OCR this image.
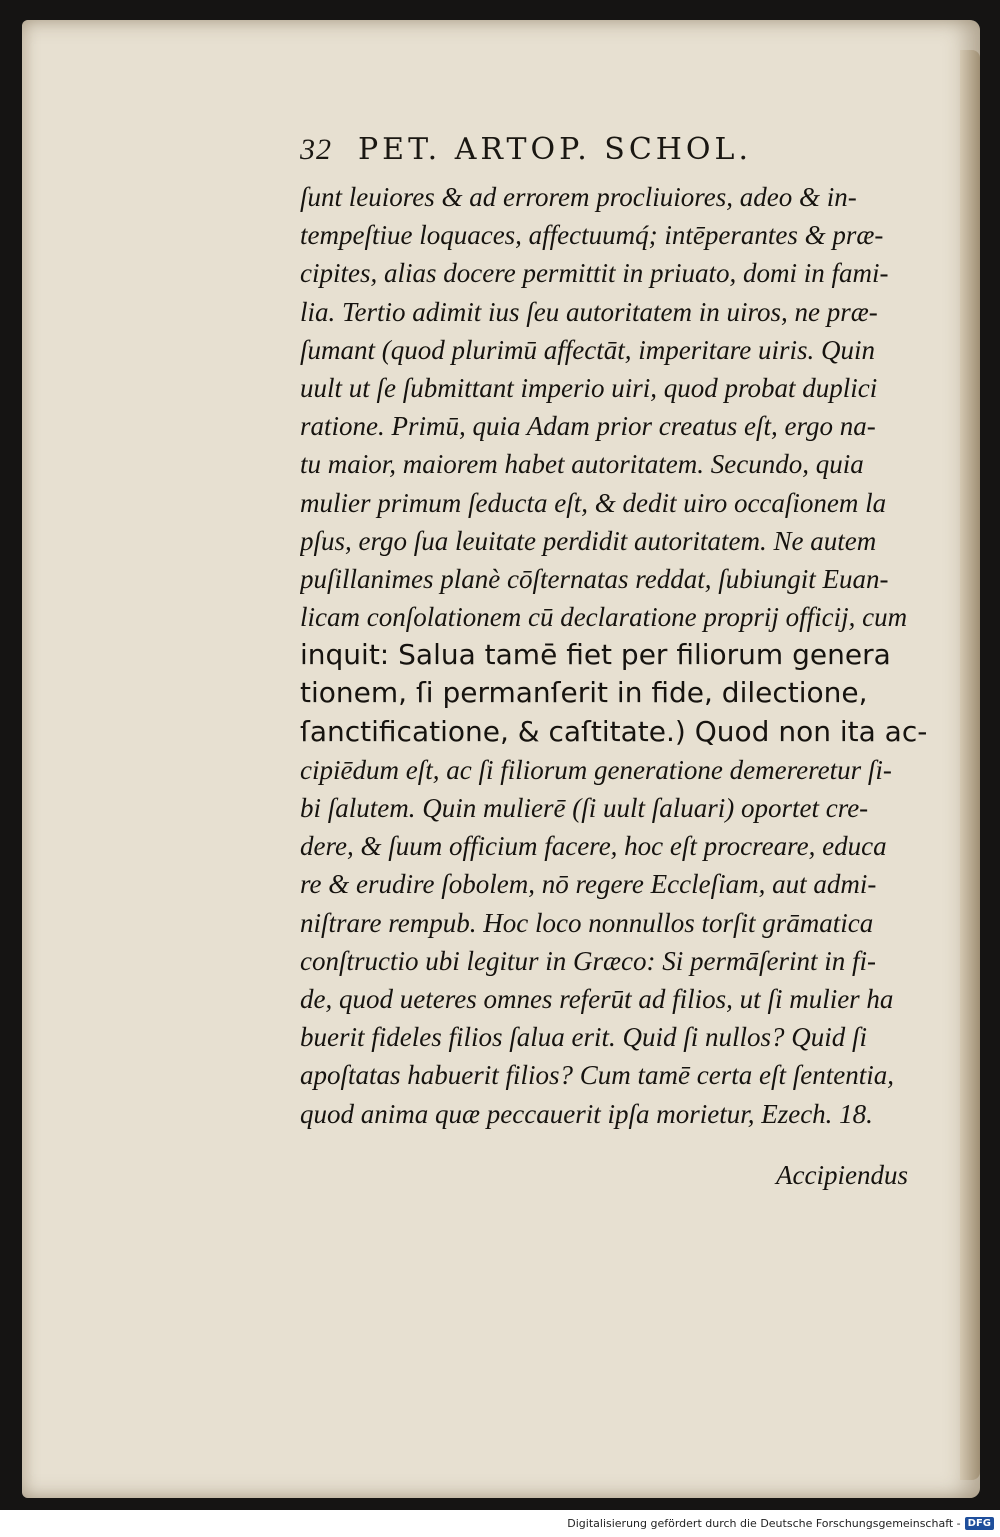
32 PET. ARTOP. SCHOL.
ſunt leuiores & ad errorem procliuiores, adeo & in-
tempeſtiue loquaces, affectuumq́; intēperantes & præ-
cipites, alias docere permittit in priuato, domi in fami-
lia. Tertio adimit ius ſeu autoritatem in uiros, ne præ-
ſumant (quod plurimū affectāt, imperitare uiris. Quin
uult ut ſe ſubmittant imperio uiri, quod probat duplici
ratione. Primū, quia Adam prior creatus eſt, ergo na-
tu maior, maiorem habet autoritatem. Secundo, quia
mulier primum ſeducta eſt, & dedit uiro occaſionem la
pſus, ergo ſua leuitate perdidit autoritatem. Ne autem
puſillanimes planè cōſternatas reddat, ſubiungit Euan-
licam conſolationem cū declaratione proprij officij, cum
inquit: Salua tamē fiet per filiorum genera
tionem, ſi permanſerit in fide, dilectione,
ſanctificatione, & caſtitate.) Quod non ita ac-
cipiēdum eſt, ac ſi filiorum generatione demereretur ſi-
bi ſalutem. Quin mulierē (ſi uult ſaluari) oportet cre-
dere, & ſuum officium facere, hoc eſt procreare, educa
re & erudire ſobolem, nō regere Eccleſiam, aut admi-
niſtrare rempub. Hoc loco nonnullos torſit grāmatica
conſtructio ubi legitur in Græco: Si permāſerint in fi-
de, quod ueteres omnes referūt ad filios, ut ſi mulier ha
buerit fideles filios ſalua erit. Quid ſi nullos? Quid ſi
apoſtatas habuerit filios? Cum tamē certa eſt ſententia,
quod anima quæ peccauerit ipſa morietur, Ezech. 18.
Accipiendus
Digitalisierung gefördert durch die Deutsche Forschungsgemeinschaft - DFG
